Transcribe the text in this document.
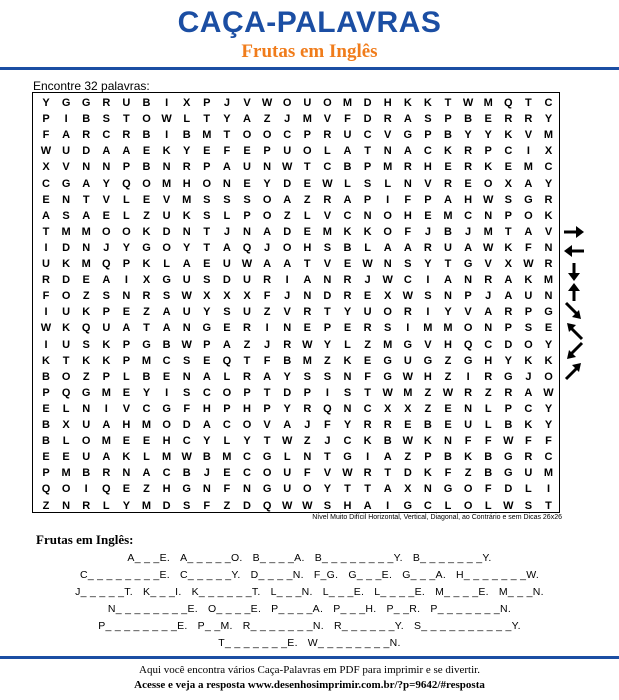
CAÇA-PALAVRAS
Frutas em Inglês
Encontre 32 palavras:
Y	G	G	R	U	B	I	X	P	J	V	W O	U	O	M	D	H	K	K	T	W M	Q	T	C
P	I	B	S	T	O W	L	T	Y	A	Z	J	M	V	F	D	R	A	S	P	B	E	R	R	Y
F	A	R	C	R	B	I	B	M	T	O	O	C	P	R	U	C	V	G	P	B	Y	Y	K	V	M
W U	D	A	A	E	K	Y	E	F	E	P	U	O	L	A	T	N	A	C	K	R	P	C	I	X
X	V	N	N	P	B	N	R	P	A	U	N W	T	C	B	P	M	R	H	E	R	K	E	M	C
C	G	A	Y	Q	O	M	H	O	N	E	Y	D	E	W	L	S	L	N	V	R	E	O	X	A	Y
E	N	T	V	L	E	V	M	S	S	S	O	A	Z	R	A	P	I	F	P	A	H W	S	G	R
A	S	A	E	L	Z	U	K	S	L	P	O	Z	L	V	C	N	O	H	E	M	C	N	P	O	K
T	M M	O	O	K	D	N	T	J	N	A	D	E	M	K	K	O	F	J	B	J	M	T	A	V
I	D	N	J	Y	G	O	Y	T	A	Q	J	O	H	S	B	L	A	A	R	U	A W K	F	N
U	K	M	Q	P	K	L	A	E	U W A	A	T	V	E	W N	S	Y	T	G	V	X	W R
R	D	E	A	I	X	G	U	S	D	U	R	I	A	N	R	J	W C	I	A	N	R	A	K	M
F	O	Z	S	N	R	S	W	X	X	X	F	J	N	D	R	E	X	W	S	N	P	J	A	U	N
I	U	K	P	E	Z	A	U	Y	S	U	Z	V	R	T	Y	U	O	R	I	Y	V	A	R	P	G
W K	Q	U	A	T	A	N	G	E	R	I	N	E	P	E	R	S	I	M M	O	N	P	S	E
I	U	S	K	P	G	B W	P	A	Z	J	R W	Y	L	Z	M	G	V	H	Q	C	D	O	Y
K	T	K	K	P	M	C	S	E	Q	T	F	B	M	Z	K	E	G	U	G	Z	G	H	Y	K	K
B	O	Z	P	L	B	E	N	A	L	R	A	Y	S	S	N	F	G W H	Z	I	R	G	J	O
P	Q	G	M	E	Y	I	S	C	O	P	T	D	P	I	S	T	W M	Z	W R	Z	R	A W
E	L	N	I	V	C	G	F	H	P	H	P	Y	R	Q	N	C	X	X	Z	E	N	L	P	C	Y
B	X	U	A	H	M	O	D	A	C	O	V	A	J	F	Y	R	R	E	B	E	U	L	B	K	Y
B	L	O	M	E	E	H	C	Y	L	Y	T	W	Z	J	C	K	B W K	N	F	F	W	F	F
E	E	U	A	K	L	M W B	M	C	G	L	N	T	G	I	A	Z	P	B	K	B	G	R	C
P	M	B	R	N	A	C	B	J	E	C	O	U	F	V	W R	T	D	K	F	Z	B	G	U	M
Q	O	I	Q	E	Z	H	G	N	F	N	G	U	O	Y	T	T	A	X	N	G	O	F	D	L	I
Z	N	R	L	Y	M	D	S	F	Z	D	Q W W	S	H	A	I	G	C	L	O	L	W	S	T
Nível Muito Difícil Horizontal, Vertical, Diagonal, ao Contrário e sem Dicas 26x26
Frutas em Inglês:
A_ _ _E. A_ _ _ _ _O. B_ _ _ _A. B_ _ _ _ _ _ _ _Y. B_ _ _ _ _ _ _Y.
C_ _ _ _ _ _ _ _E. C_ _ _ _ _Y. D_ _ _ _N. F_G. G_ _ _E. G_ _ _A. H_ _ _ _ _ _ _W.
J_ _ _ _ _T. K_ _ _I. K_ _ _ _ _ _T. L_ _ _N. L_ _ _E. L_ _ _ _E. M_ _ _ _E. M_ _ _N.
N_ _ _ _ _ _ _ _E. O_ _ _ _E. P_ _ _ _A. P_ _ _H. P_ _R. P_ _ _ _ _ _ _N.
P_ _ _ _ _ _ _ _E. P_ _M. R_ _ _ _ _ _ _N. R_ _ _ _ _ _Y. S_ _ _ _ _ _ _ _ _ _Y.
T_ _ _ _ _ _ _E. W_ _ _ _ _ _ _ _N.
Aqui você encontra vários Caça-Palavras em PDF para imprimir e se divertir.
Acesse e veja a resposta www.desenhosimprimir.com.br/?p=9642/#resposta
